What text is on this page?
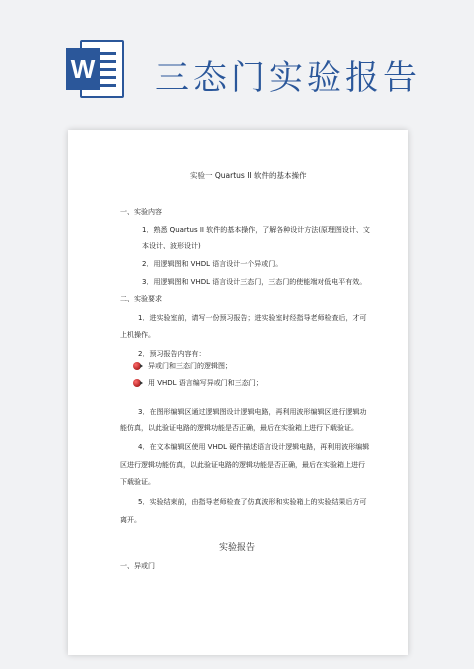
W 三态门实验报告
实验一 Quartus II 软件的基本操作
一、实验内容
1．熟悉 Quartus II 软件的基本操作，了解各种设计方法(原理图设计、文
本设计、波形设计)
2．用逻辑图和 VHDL 语言设计一个异或门。
3．用逻辑图和 VHDL 语言设计三态门，三态门的使能端对低电平有效。
二、实验要求
1．进实验室前，请写一份预习报告；进实验室时经指导老师检查后，才可
上机操作。
2．预习报告内容有：
异或门和三态门的逻辑图；
用 VHDL 语言编写异或门和三态门；
3．在图形编辑区通过逻辑图设计逻辑电路，再利用波形编辑区进行逻辑功
能仿真，以此验证电路的逻辑功能是否正确，最后在实验箱上进行下载验证。
4．在文本编辑区使用 VHDL 硬件描述语言设计逻辑电路，再利用波形编辑
区进行逻辑功能仿真，以此验证电路的逻辑功能是否正确，最后在实验箱上进行
下载验证。
5．实验结束前，由指导老师检查了仿真波形和实验箱上的实验结果后方可
离开。
实验报告
一、异或门
